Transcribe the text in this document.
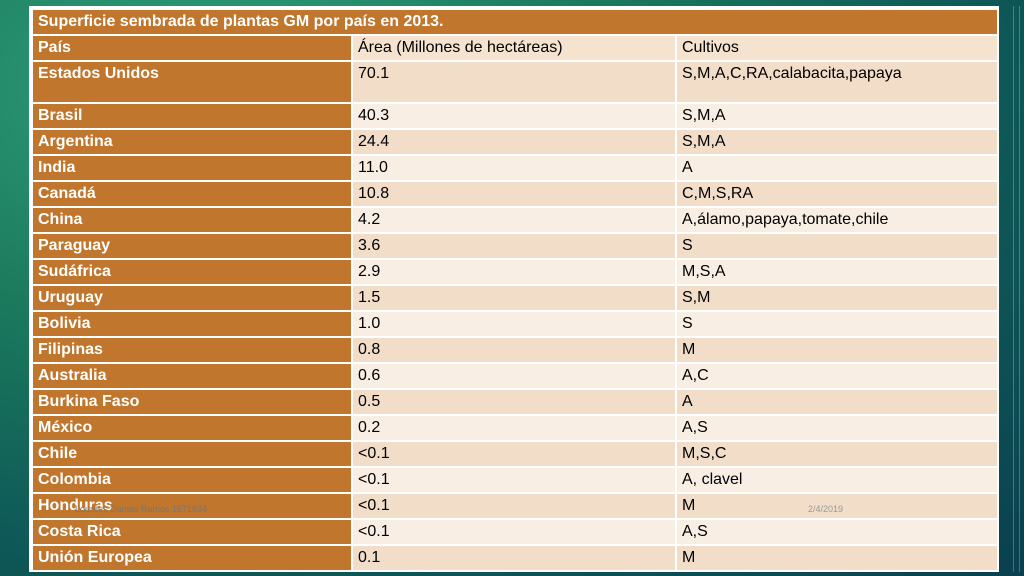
Superficie sembrada de plantas GM por país en 2013.		
País	Área (Millones de hectáreas)	Cultivos
Estados Unidos	70.1	S,M,A,C,RA,calabacita,papaya
Brasil	40.3	S,M,A
Argentina	24.4	S,M,A
India	11.0	A
Canadá	10.8	C,M,S,RA
China	4.2	A,álamo,papaya,tomate,chile
Paraguay	3.6	S
Sudáfrica	2.9	M,S,A
Uruguay	1.5	S,M
Bolivia	1.0	S
Filipinas	0.8	M
Australia	0.6	A,C
Burkina Faso	0.5	A
México	0.2	A,S
Chile	<0.1	M,S,C
Colombia	<0.1	A, clavel
Honduras	<0.1	M
Costa Rica	<0.1	A,S
Unión Europea	0.1	M
Lourdes Damas Ramos 1671834	2/4/2019
